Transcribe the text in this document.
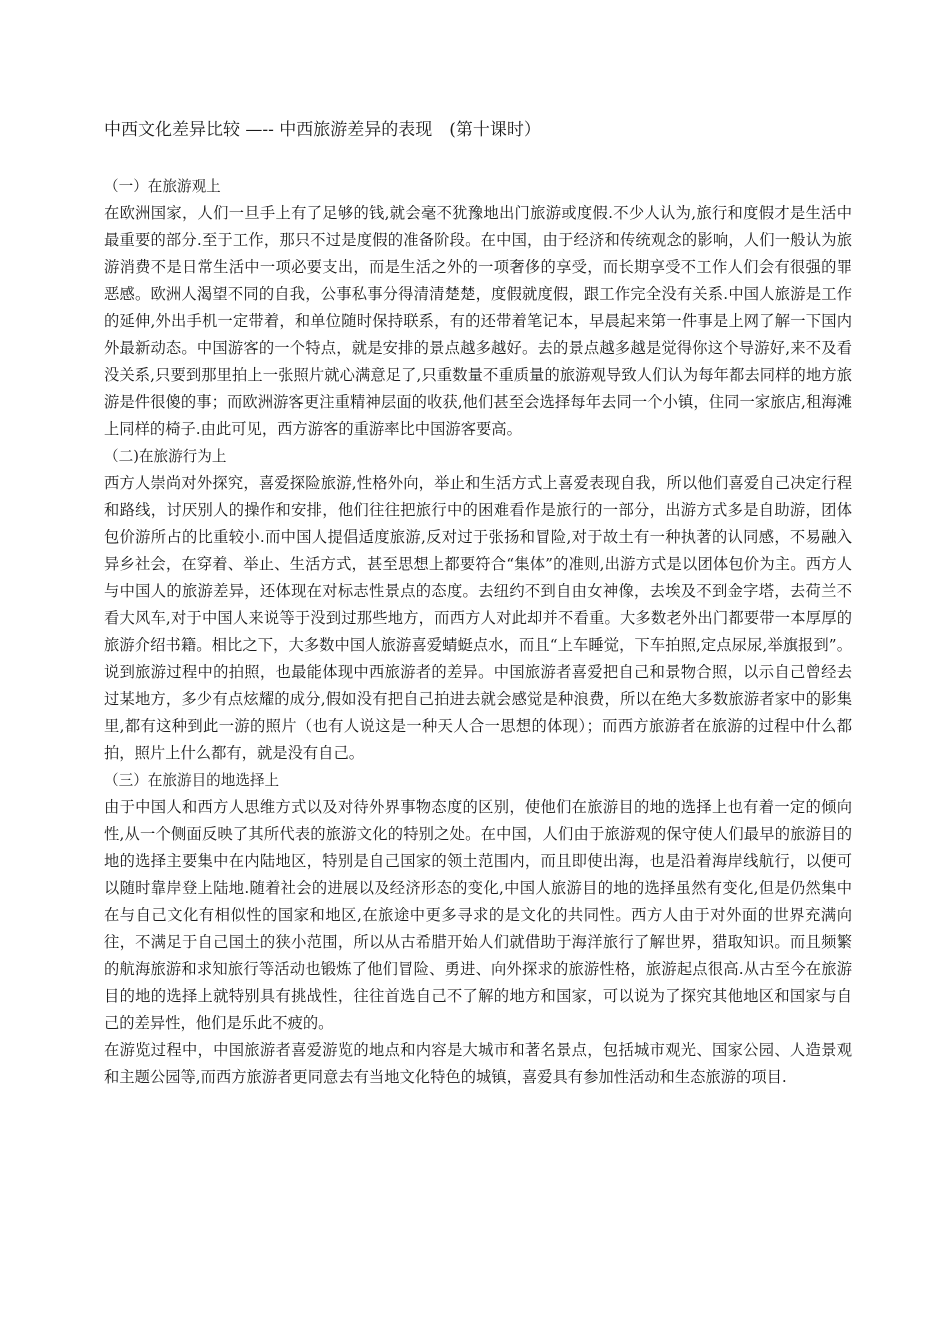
中西文化差异比较 —-- 中西旅游差异的表现　(第十课时）

（一）在旅游观上

在欧洲国家，人们一旦手上有了足够的钱,就会毫不犹豫地出门旅游或度假.不少人认为,旅行和度假才是生活中最重要的部分.至于工作，那只不过是度假的准备阶段。在中国，由于经济和传统观念的影响，人们一般认为旅游消费不是日常生活中一项必要支出，而是生活之外的一项奢侈的享受，而长期享受不工作人们会有很强的罪恶感。欧洲人渴望不同的自我，公事私事分得清清楚楚，度假就度假，跟工作完全没有关系.中国人旅游是工作的延伸,外出手机一定带着，和单位随时保持联系，有的还带着笔记本，早晨起来第一件事是上网了解一下国内外最新动态。中国游客的一个特点，就是安排的景点越多越好。去的景点越多越是觉得你这个导游好,来不及看没关系,只要到那里拍上一张照片就心满意足了,只重数量不重质量的旅游观导致人们认为每年都去同样的地方旅游是件很傻的事；而欧洲游客更注重精神层面的收获,他们甚至会选择每年去同一个小镇，住同一家旅店,租海滩上同样的椅子.由此可见，西方游客的重游率比中国游客要高。

（二)在旅游行为上

西方人崇尚对外探究，喜爱探险旅游,性格外向，举止和生活方式上喜爱表现自我，所以他们喜爱自己决定行程和路线，讨厌别人的操作和安排，他们往往把旅行中的困难看作是旅行的一部分，出游方式多是自助游，团体包价游所占的比重较小.而中国人提倡适度旅游,反对过于张扬和冒险,对于故土有一种执著的认同感，不易融入异乡社会，在穿着、举止、生活方式，甚至思想上都要符合“集体”的准则,出游方式是以团体包价为主。西方人与中国人的旅游差异，还体现在对标志性景点的态度。去纽约不到自由女神像，去埃及不到金字塔，去荷兰不看大风车,对于中国人来说等于没到过那些地方，而西方人对此却并不看重。大多数老外出门都要带一本厚厚的旅游介绍书籍。相比之下，大多数中国人旅游喜爱蜻蜓点水，而且“上车睡觉，下车拍照,定点尿尿,举旗报到”。说到旅游过程中的拍照，也最能体现中西旅游者的差异。中国旅游者喜爱把自己和景物合照，以示自己曾经去过某地方，多少有点炫耀的成分,假如没有把自己拍进去就会感觉是种浪费，所以在绝大多数旅游者家中的影集里,都有这种到此一游的照片（也有人说这是一种天人合一思想的体现）；而西方旅游者在旅游的过程中什么都拍，照片上什么都有，就是没有自己。

（三）在旅游目的地选择上

由于中国人和西方人思维方式以及对待外界事物态度的区别，使他们在旅游目的地的选择上也有着一定的倾向性,从一个侧面反映了其所代表的旅游文化的特别之处。在中国，人们由于旅游观的保守使人们最早的旅游目的地的选择主要集中在内陆地区，特别是自己国家的领土范围内，而且即使出海，也是沿着海岸线航行，以便可以随时靠岸登上陆地.随着社会的进展以及经济形态的变化,中国人旅游目的地的选择虽然有变化,但是仍然集中在与自己文化有相似性的国家和地区,在旅途中更多寻求的是文化的共同性。西方人由于对外面的世界充满向往，不满足于自己国土的狭小范围，所以从古希腊开始人们就借助于海洋旅行了解世界，猎取知识。而且频繁的航海旅游和求知旅行等活动也锻炼了他们冒险、勇进、向外探求的旅游性格，旅游起点很高.从古至今在旅游目的地的选择上就特别具有挑战性，往往首选自己不了解的地方和国家，可以说为了探究其他地区和国家与自己的差异性，他们是乐此不疲的。

在游览过程中，中国旅游者喜爱游览的地点和内容是大城市和著名景点，包括城市观光、国家公园、人造景观和主题公园等,而西方旅游者更同意去有当地文化特色的城镇，喜爱具有参加性活动和生态旅游的项目.
